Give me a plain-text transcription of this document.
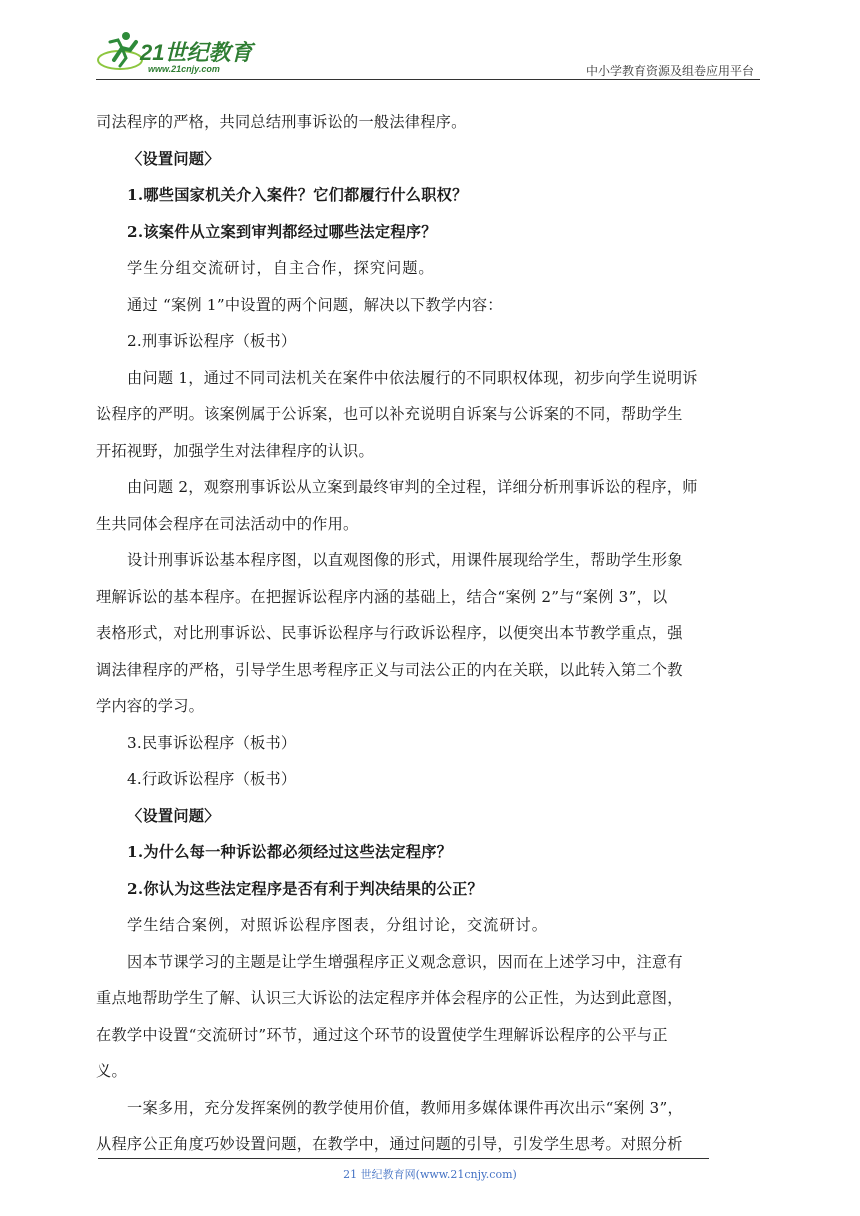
21世纪教育
www.21cnjy.com	中小学教育资源及组卷应用平台
司法程序的严格，共同总结刑事诉讼的一般法律程序。
〈设置问题〉
1.哪些国家机关介入案件？它们都履行什么职权？
2.该案件从立案到审判都经过哪些法定程序？
学生分组交流研讨，自主合作，探究问题。
通过 “案例 1”中设置的两个问题，解决以下教学内容：
2.刑事诉讼程序（板书）
由问题 1，通过不同司法机关在案件中依法履行的不同职权体现，初步向学生说明诉
讼程序的严明。该案例属于公诉案，也可以补充说明自诉案与公诉案的不同，帮助学生
开拓视野，加强学生对法律程序的认识。
由问题 2，观察刑事诉讼从立案到最终审判的全过程，详细分析刑事诉讼的程序，师
生共同体会程序在司法活动中的作用。
设计刑事诉讼基本程序图，以直观图像的形式，用课件展现给学生，帮助学生形象
理解诉讼的基本程序。在把握诉讼程序内涵的基础上，结合“案例 2”与“案例 3”，以
表格形式，对比刑事诉讼、民事诉讼程序与行政诉讼程序，以便突出本节教学重点，强
调法律程序的严格，引导学生思考程序正义与司法公正的内在关联，以此转入第二个教
学内容的学习。
3.民事诉讼程序（板书）
4.行政诉讼程序（板书）
〈设置问题〉
1.为什么每一种诉讼都必须经过这些法定程序？
2.你认为这些法定程序是否有利于判决结果的公正？
学生结合案例，对照诉讼程序图表，分组讨论，交流研讨。
因本节课学习的主题是让学生增强程序正义观念意识，因而在上述学习中，注意有
重点地帮助学生了解、认识三大诉讼的法定程序并体会程序的公正性，为达到此意图，
在教学中设置“交流研讨”环节，通过这个环节的设置使学生理解诉讼程序的公平与正
义。
一案多用，充分发挥案例的教学使用价值，教师用多媒体课件再次出示“案例 3”，
从程序公正角度巧妙设置问题，在教学中，通过问题的引导，引发学生思考。对照分析
21 世纪教育网(www.21cnjy.com)
